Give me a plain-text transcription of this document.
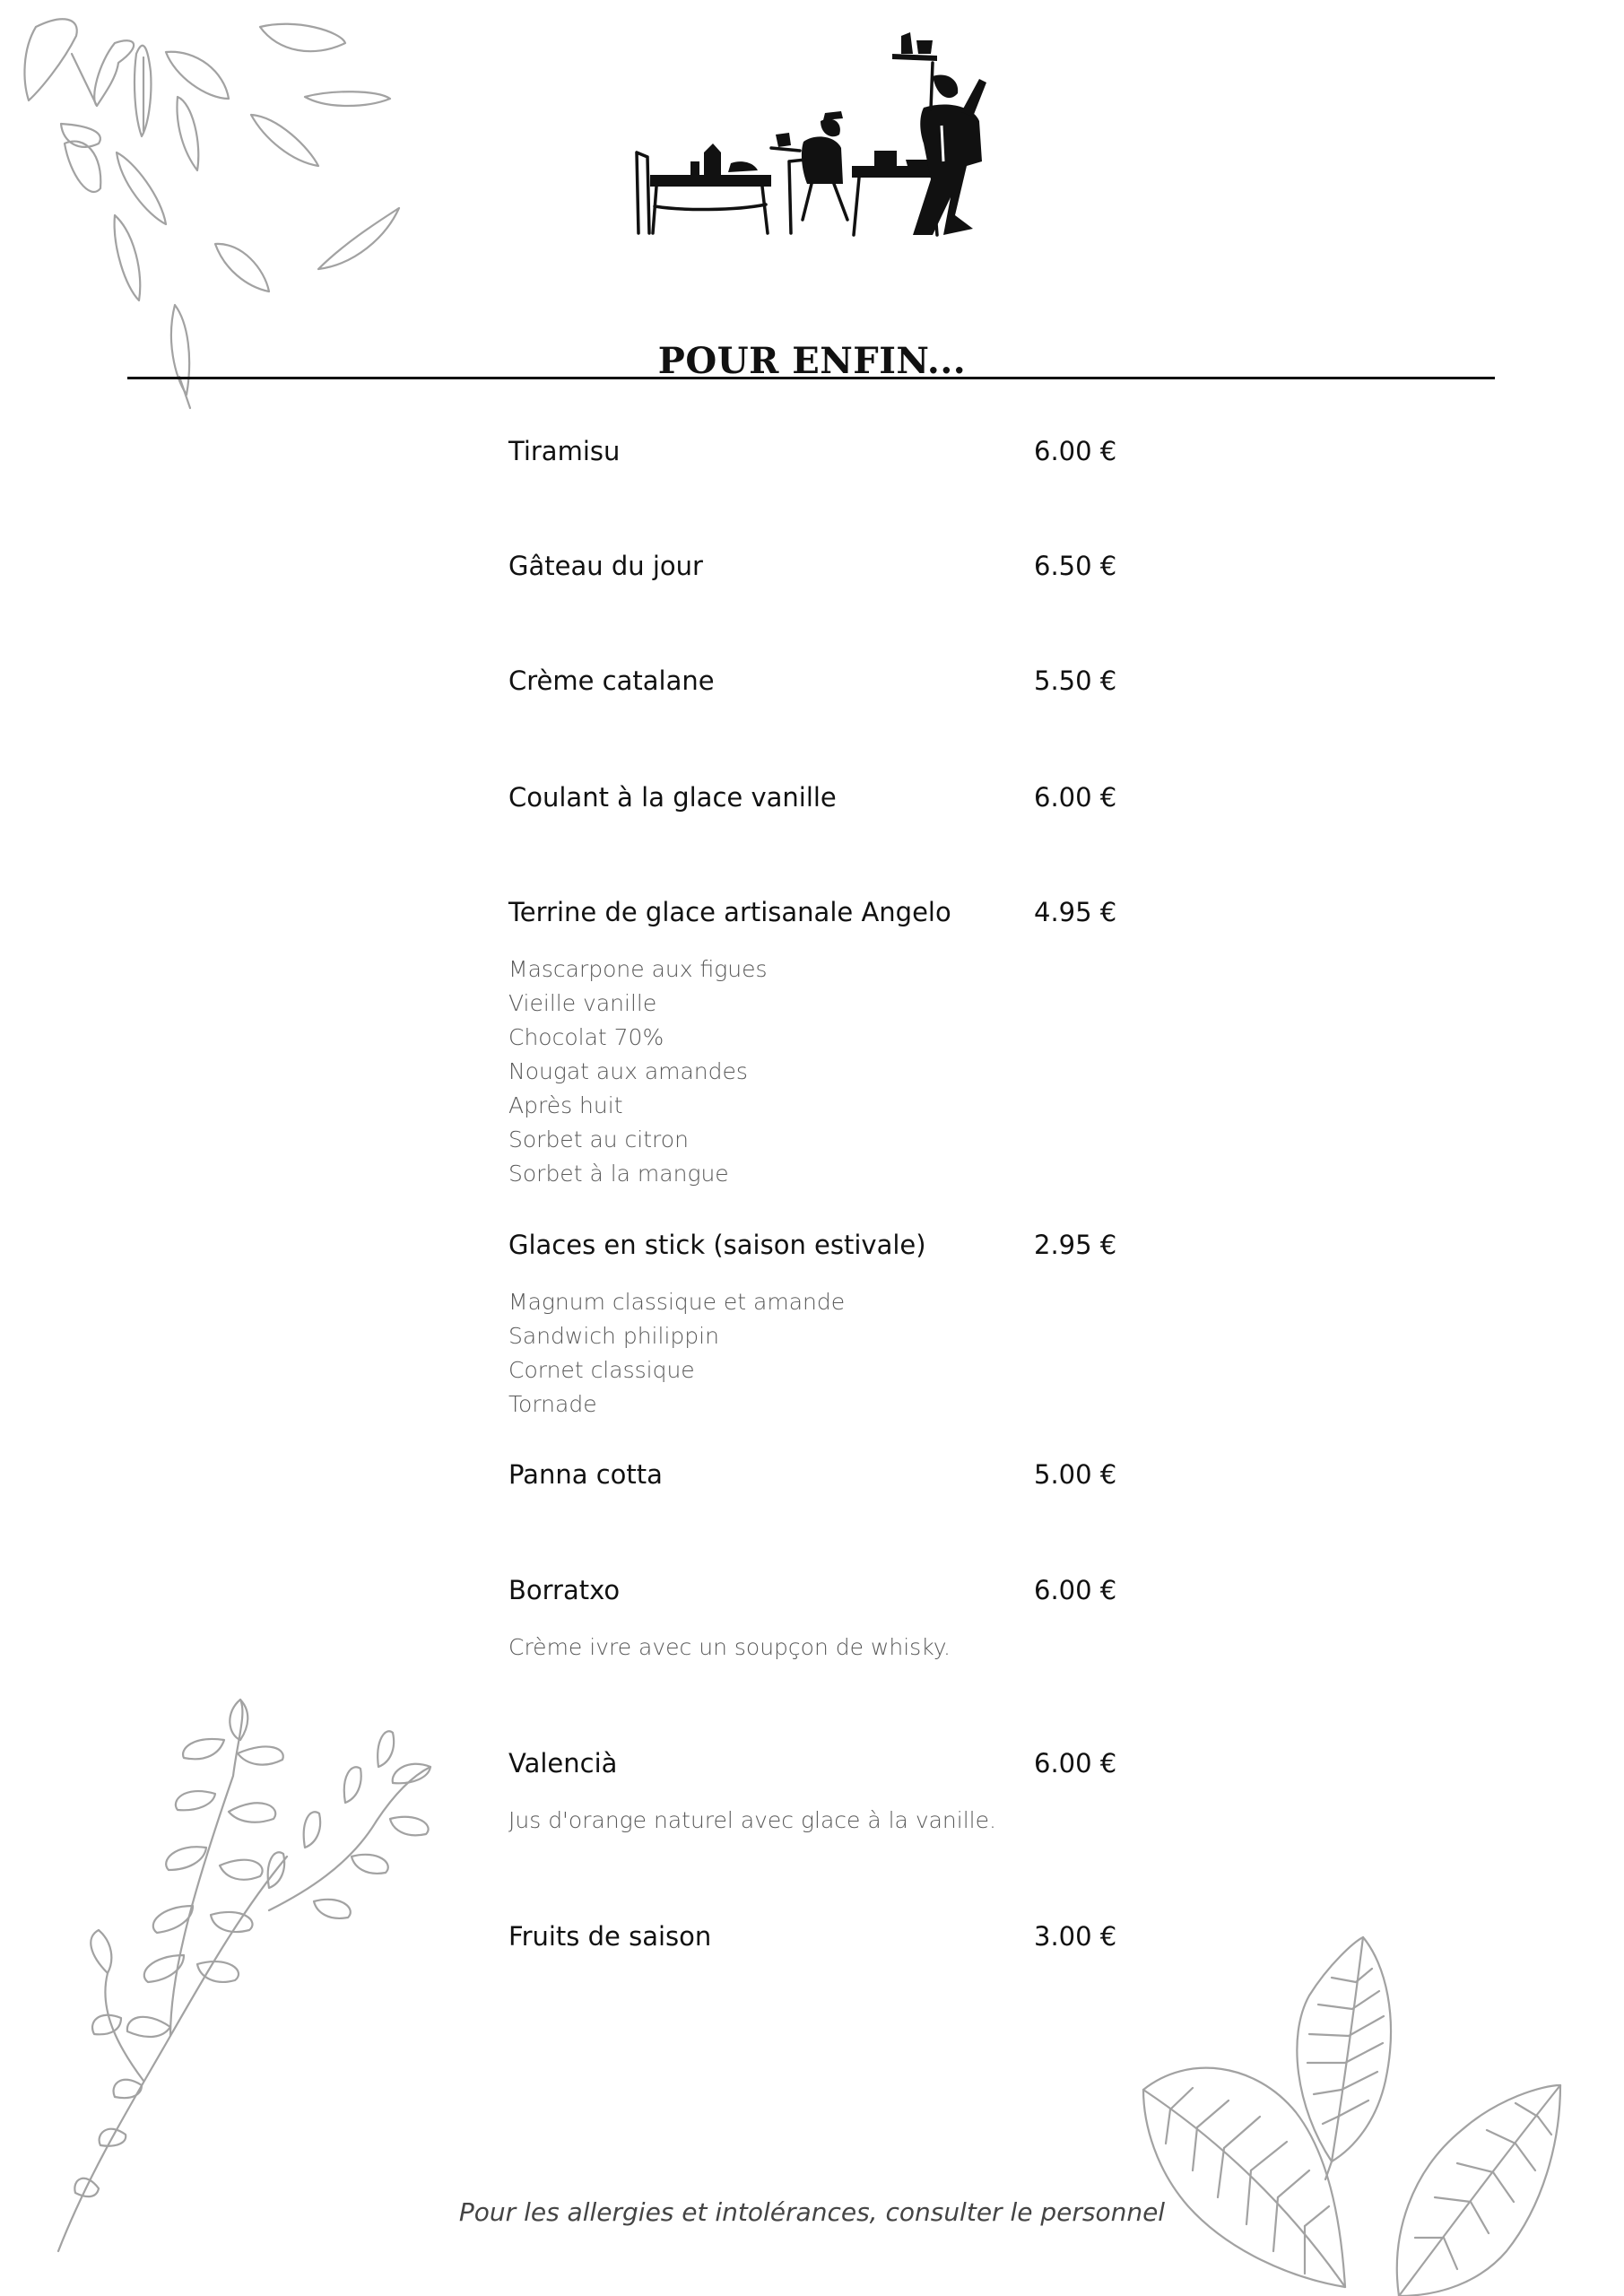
POUR ENFIN...
Tiramisu	6.00 €
Gâteau du jour	6.50 €
Crème catalane	5.50 €
Coulant à la glace vanille	6.00 €
Terrine de glace artisanale Angelo	4.95 €
Mascarpone aux figues
Vieille vanille
Chocolat 70%
Nougat aux amandes
Après huit
Sorbet au citron
Sorbet à la mangue
Glaces en stick (saison estivale)	2.95 €
Magnum classique et amande
Sandwich philippin
Cornet classique
Tornade
Panna cotta	5.00 €
Borratxo	6.00 €
Crème ivre avec un soupçon de whisky.
Valencià	6.00 €
Jus d'orange naturel avec glace à la vanille.
Fruits de saison	3.00 €
Pour les allergies et intolérances, consulter le personnel
